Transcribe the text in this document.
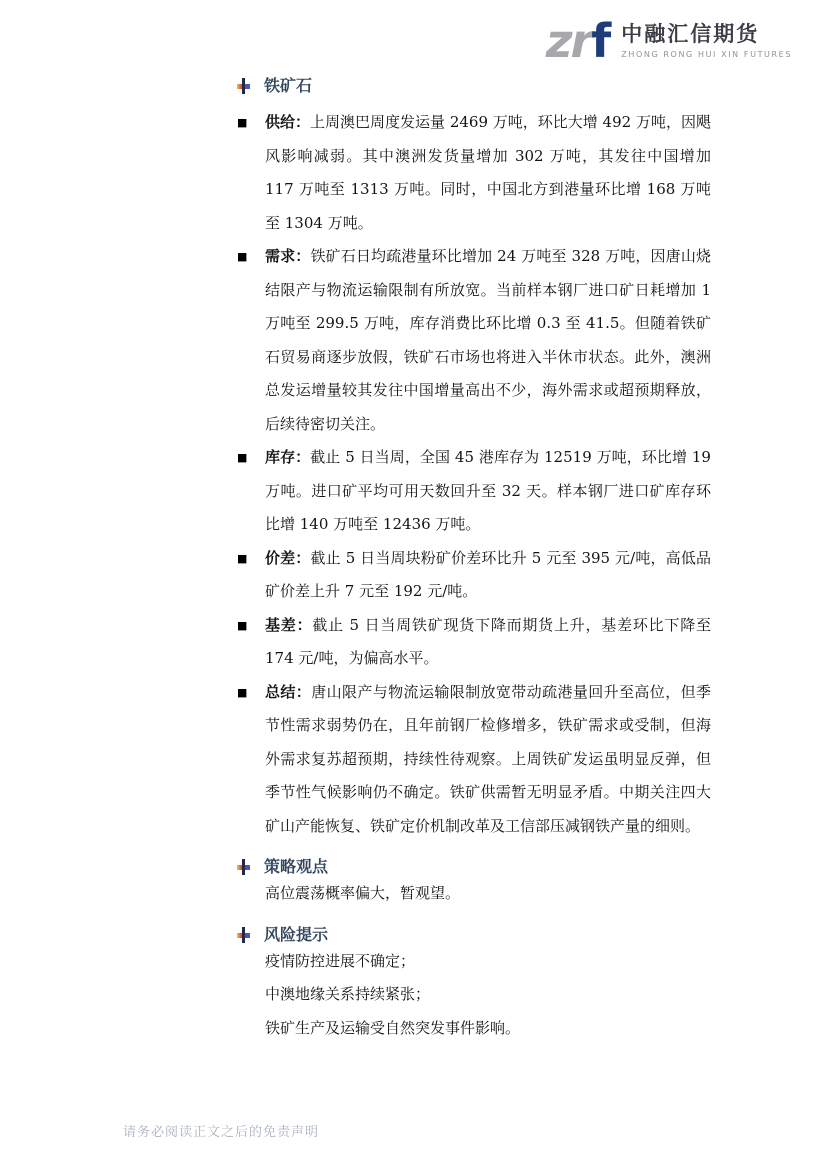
zrf 中融汇信期货
ZHONG RONG HUI XIN FUTURES
铁矿石
■	供给：上周澳巴周度发运量 2469 万吨，环比大增 492 万吨，因飓风影响减弱。其中澳洲发货量增加 302 万吨，其发往中国增加 117 万吨至 1313 万吨。同时，中国北方到港量环比增 168 万吨至 1304 万吨。

■	需求：铁矿石日均疏港量环比增加 24 万吨至 328 万吨，因唐山烧结限产与物流运输限制有所放宽。当前样本钢厂进口矿日耗增加 1 万吨至 299.5 万吨，库存消费比环比增 0.3 至 41.5。但随着铁矿石贸易商逐步放假，铁矿石市场也将进入半休市状态。此外，澳洲总发运增量较其发往中国增量高出不少，海外需求或超预期释放，后续待密切关注。

■	库存：截止 5 日当周，全国 45 港库存为 12519 万吨，环比增 19 万吨。进口矿平均可用天数回升至 32 天。样本钢厂进口矿库存环比增 140 万吨至 12436 万吨。

■	价差：截止 5 日当周块粉矿价差环比升 5 元至 395 元/吨，高低品矿价差上升 7 元至 192 元/吨。

■	基差：截止 5 日当周铁矿现货下降而期货上升，基差环比下降至 174 元/吨，为偏高水平。

■	总结：唐山限产与物流运输限制放宽带动疏港量回升至高位，但季节性需求弱势仍在，且年前钢厂检修增多，铁矿需求或受制，但海外需求复苏超预期，持续性待观察。上周铁矿发运虽明显反弹，但季节性气候影响仍不确定。铁矿供需暂无明显矛盾。中期关注四大矿山产能恢复、铁矿定价机制改革及工信部压减钢铁产量的细则。

策略观点

高位震荡概率偏大，暂观望。

风险提示

疫情防控进展不确定；

中澳地缘关系持续紧张；

铁矿生产及运输受自然突发事件影响。

请务必阅读正文之后的免责声明
